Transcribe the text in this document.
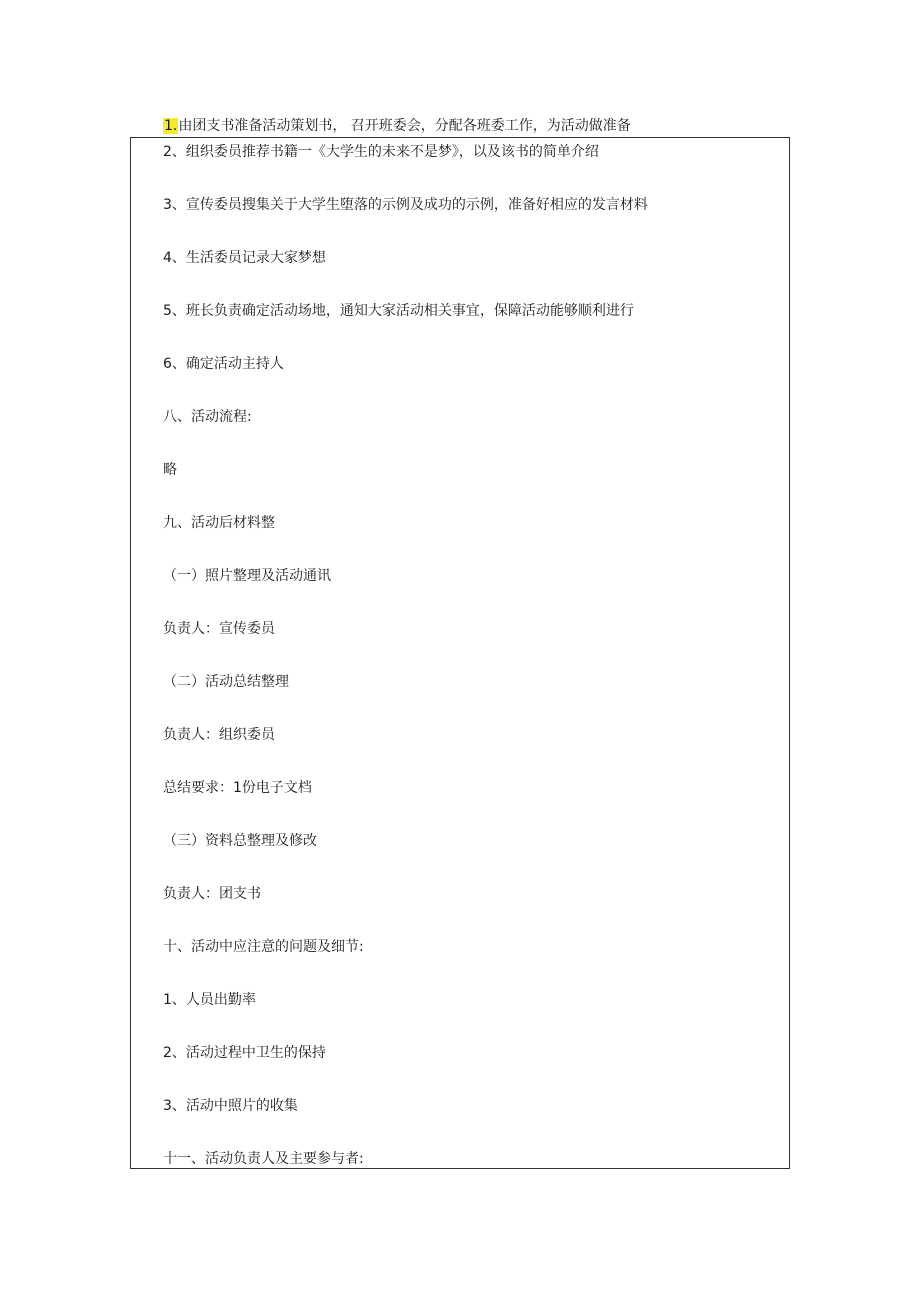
1.由团支书准备活动策划书， 召开班委会，分配各班委工作，为活动做准备
2、组织委员推荐书籍一《大学生的未来不是梦》，以及该书的简单介绍
3、宣传委员搜集关于大学生堕落的示例及成功的示例，准备好相应的发言材料
4、生活委员记录大家梦想
5、班长负责确定活动场地，通知大家活动相关事宜，保障活动能够顺利进行
6、确定活动主持人
八、活动流程:
略
九、活动后材料整
（一）照片整理及活动通讯
负责人：宣传委员
（二）活动总结整理
负责人：组织委员
总结要求：1份电子文档
（三）资料总整理及修改
负责人：团支书
十、活动中应注意的问题及细节:
1、人员出勤率
2、活动过程中卫生的保持
3、活动中照片的收集
十一、活动负责人及主要参与者:
